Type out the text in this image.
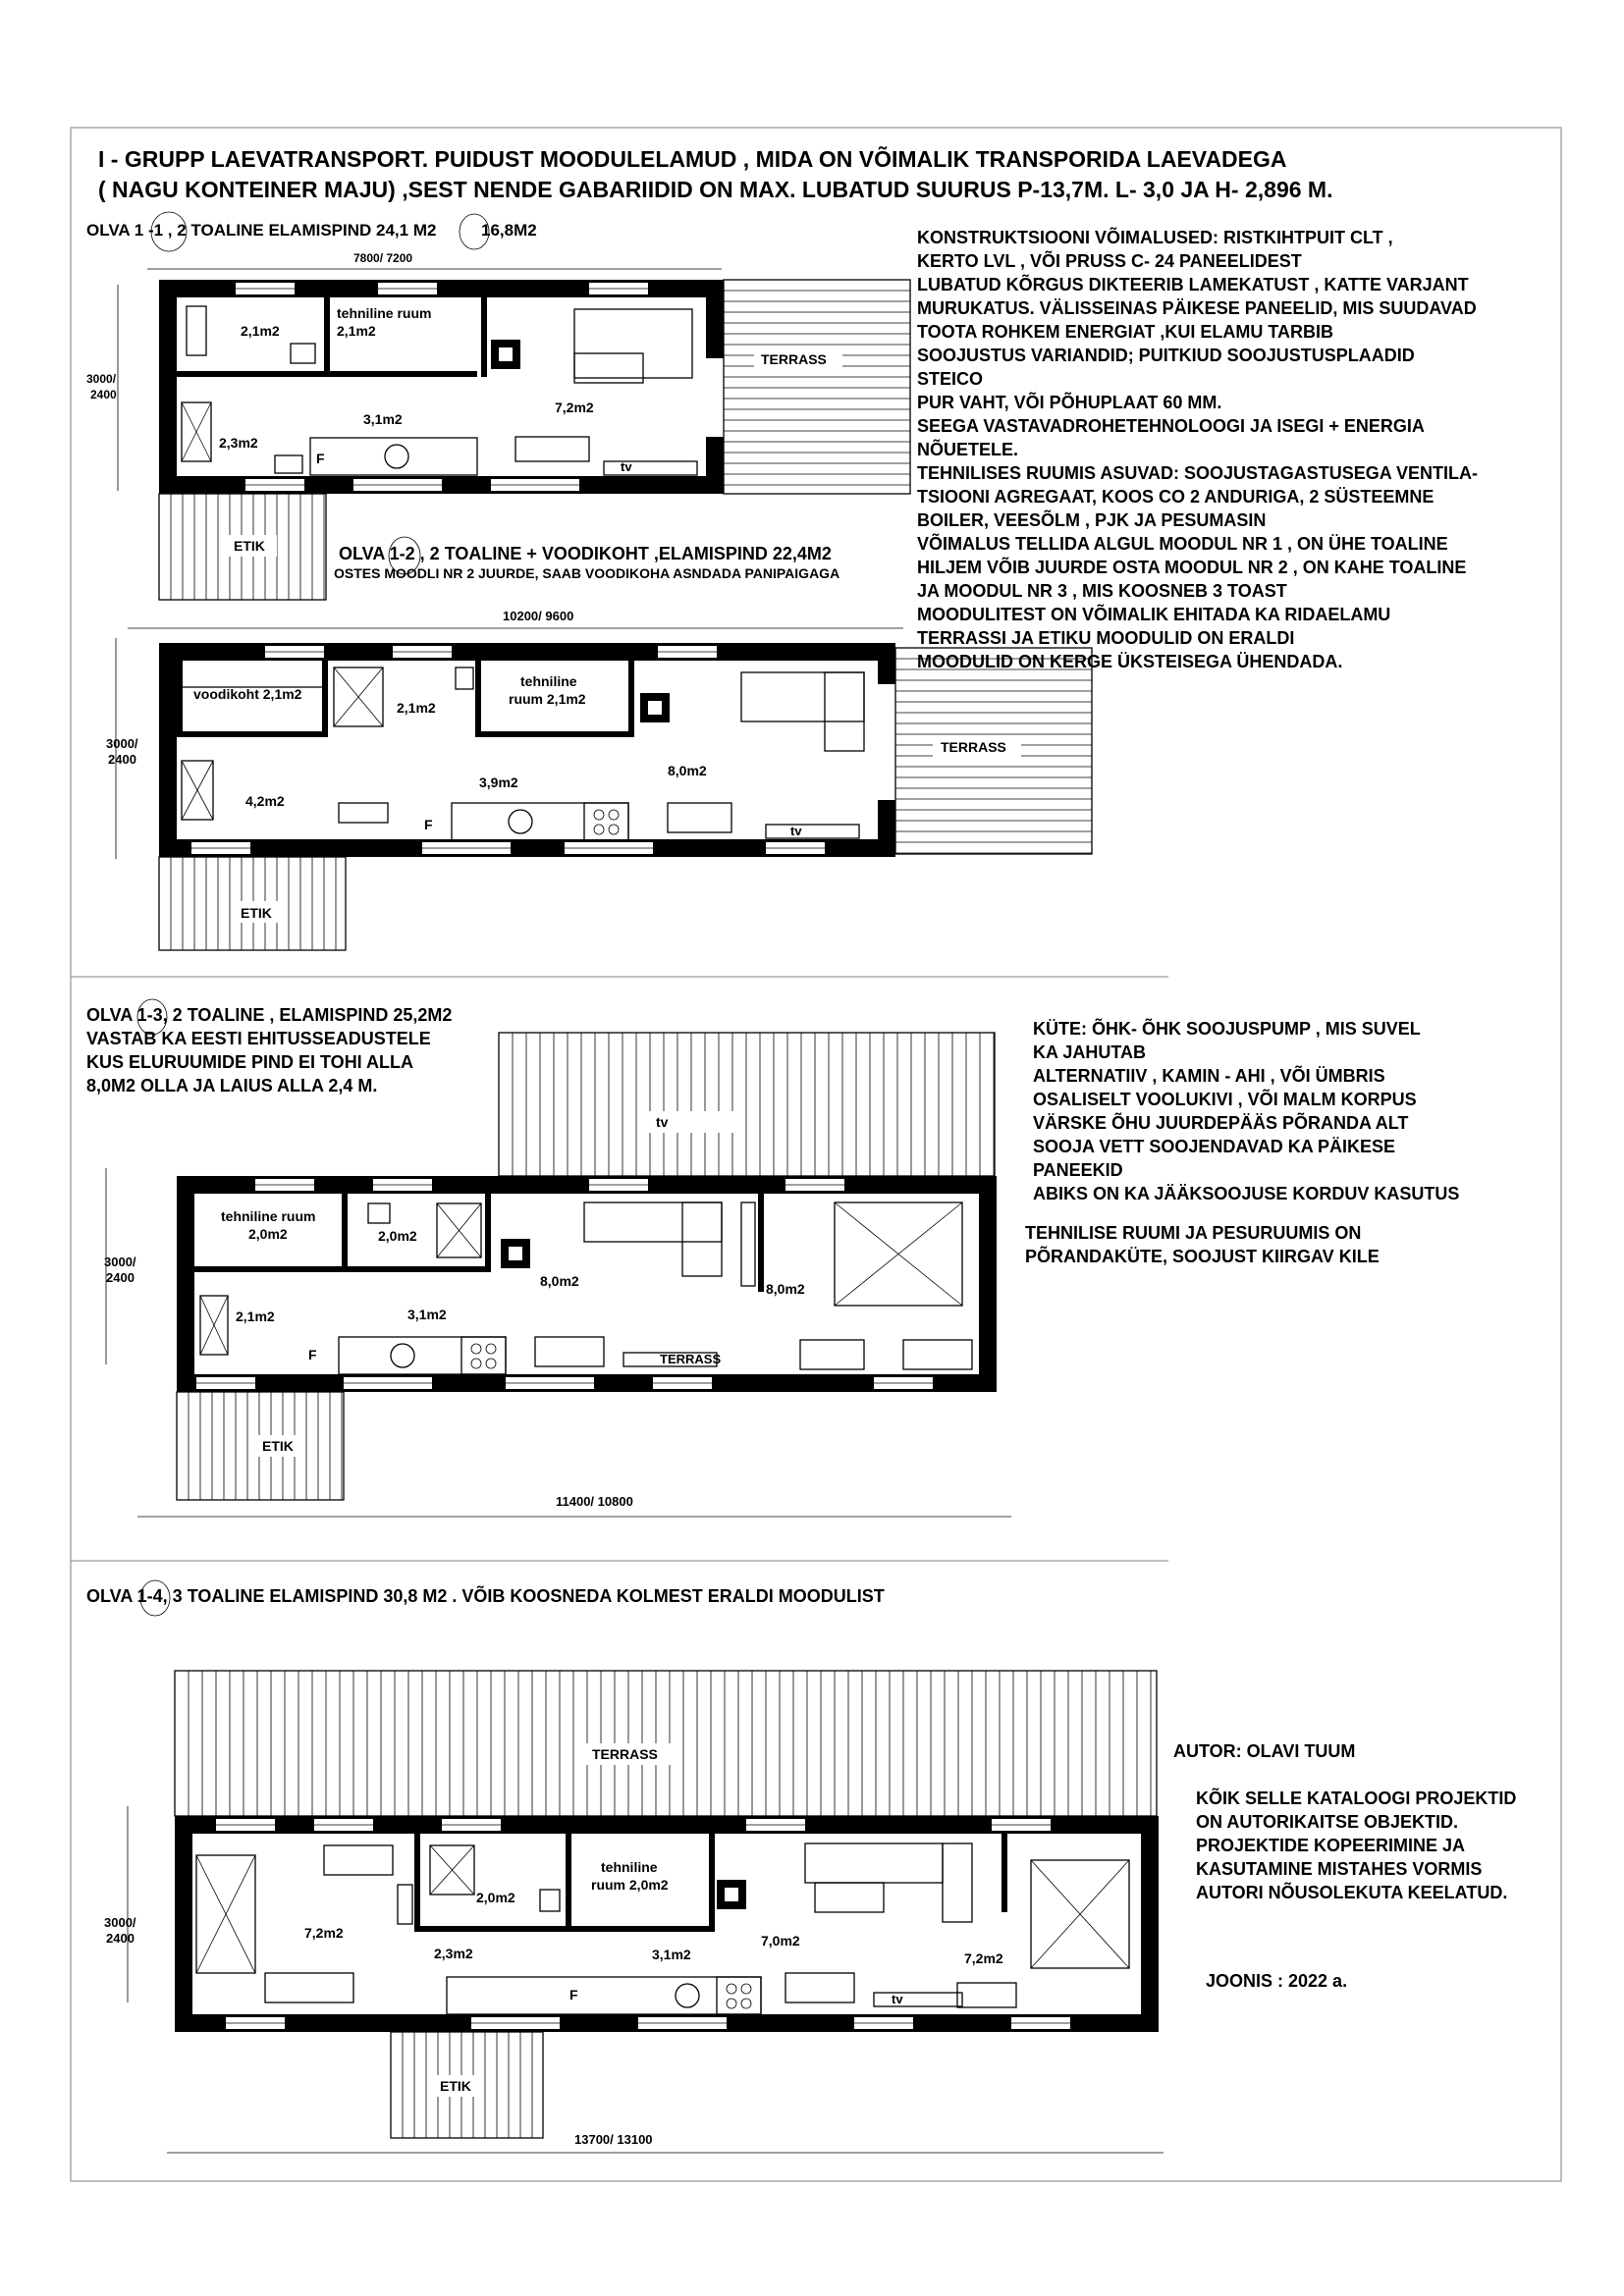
I - GRUPP LAEVATRANSPORT. PUIDUST MOODULELAMUD , MIDA ON VÕIMALIK TRANSPORIDA LAEVADEGA
( NAGU KONTEINER MAJU) ,SEST NENDE GABARIIDID ON MAX. LUBATUD SUURUS P-13,7M. L- 3,0 JA H- 2,896 M.
OLVA 1 -1 , 2 TOALINE ELAMISPIND 24,1 M2	16,8M2
7800/ 7200
3000/
2400
2,1m2
tehniline ruum
2,1m2
3,1m2
7,2m2
2,3m2
F
tv
TERRASS
ETIK
KONSTRUKTSIOONI VÕIMALUSED: RISTKIHTPUIT CLT ,
KERTO LVL , VÕI PRUSS C- 24 PANEELIDEST
LUBATUD KÕRGUS DIKTEERIB LAMEKATUST , KATTE VARJANT
MURUKATUS. VÄLISSEINAS PÄIKESE PANEELID, MIS SUUDAVAD
TOOTA ROHKEM ENERGIAT ,KUI ELAMU TARBIB
SOOJUSTUS VARIANDID; PUITKIUD SOOJUSTUSPLAADID
STEICO
PUR VAHT, VÕI PÕHUPLAAT 60 MM.
SEEGA VASTAVADROHETEHNOLOOGI JA ISEGI + ENERGIA
NÕUETELE.
TEHNILISES RUUMIS ASUVAD: SOOJUSTAGASTUSEGA VENTILA-
TSIOONI AGREGAAT, KOOS CO 2 ANDURIGA, 2 SÜSTEEMNE
BOILER, VEESÕLM , PJK JA PESUMASIN
VÕIMALUS TELLIDA ALGUL MOODUL NR 1 , ON ÜHE TOALINE
HILJEM VÕIB JUURDE OSTA MOODUL NR 2 , ON KAHE TOALINE
JA MOODUL NR 3 , MIS KOOSNEB 3 TOAST
MOODULITEST ON VÕIMALIK EHITADA KA RIDAELAMU
TERRASSI JA ETIKU MOODULID ON ERALDI
MOODULID ON KERGE ÜKSTEISEGA ÜHENDADA.
OLVA 1-2 , 2 TOALINE + VOODIKOHT ,ELAMISPIND 22,4M2
OSTES MOODLI NR 2 JUURDE, SAAB VOODIKOHA ASNDADA PANIPAIGAGA
10200/ 9600
3000/
2400
voodikoht 2,1m2
2,1m2
tehniline
ruum 2,1m2
8,0m2
3,9m2
4,2m2
F	tv
TERRASS
ETIK
OLVA 1-3, 2 TOALINE , ELAMISPIND 25,2M2
VASTAB KA EESTI EHITUSSEADUSTELE
KUS ELURUUMIDE PIND EI TOHI ALLA
8,0M2 OLLA JA LAIUS ALLA 2,4 M.
3000/
2400
tv
tehniline ruum
2,0m2	2,0m2
8,0m2	8,0m2
2,1m2	3,1m2
F	TERRASS
ETIK
11400/ 10800
KÜTE: ÕHK- ÕHK SOOJUSPUMP , MIS SUVEL
KA JAHUTAB
ALTERNATIIV , KAMIN - AHI , VÕI ÜMBRIS
OSALISELT VOOLUKIVI , VÕI MALM KORPUS
VÄRSKE ÕHU JUURDEPÄÄS PÕRANDA ALT
SOOJA VETT SOOJENDAVAD KA PÄIKESE
PANEEKID
ABIKS ON KA JÄÄKSOOJUSE KORDUV KASUTUS
TEHNILISE RUUMI JA PESURUUMIS ON
PÕRANDAKÜTE, SOOJUST KIIRGAV KILE
OLVA 1-4, 3 TOALINE ELAMISPIND 30,8 M2 . VÕIB KOOSNEDA KOLMEST ERALDI MOODULIST
3000/
2400
TERRASS
7,2m2
2,0m2
tehniline
ruum 2,0m2
7,0m2
7,2m2
2,3m2	3,1m2
F	tv
ETIK
13700/ 13100
AUTOR: OLAVI TUUM
KÕIK SELLE KATALOOGI PROJEKTID
ON AUTORIKAITSE OBJEKTID.
PROJEKTIDE KOPEERIMINE JA
KASUTAMINE MISTAHES VORMIS
AUTORI NÕUSOLEKUTA KEELATUD.
JOONIS : 2022 a.
